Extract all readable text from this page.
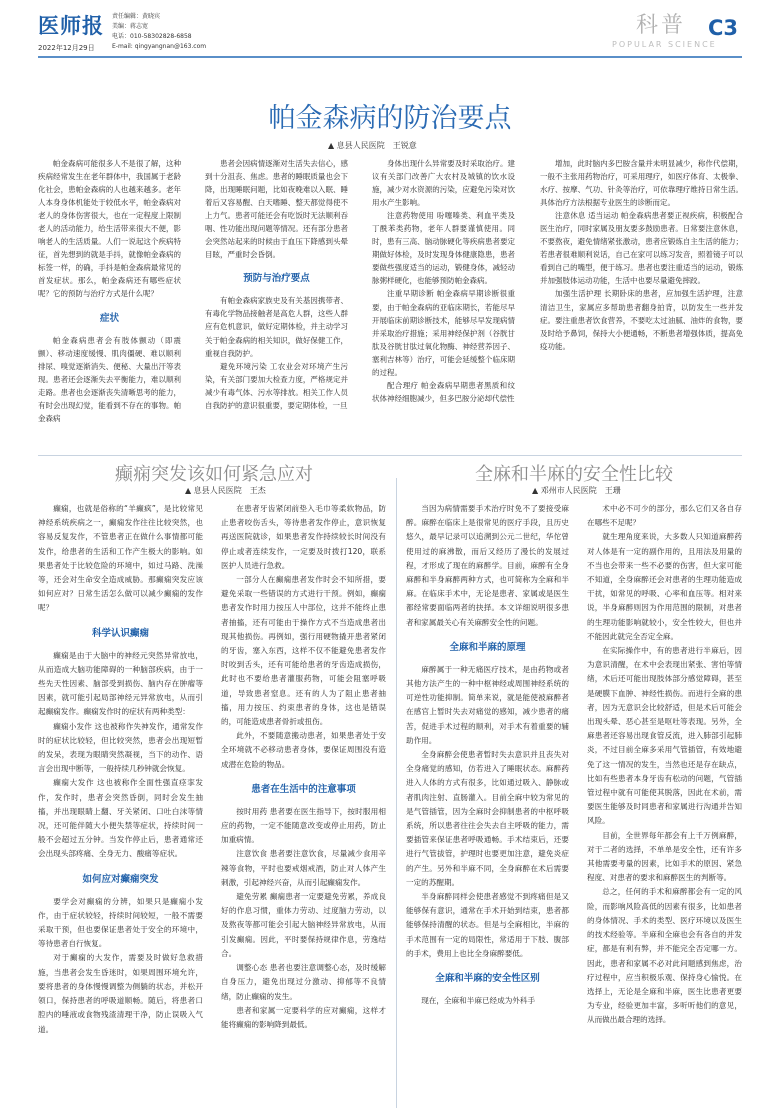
医师报
2022年12月29日
责任编辑：黄晓宾
美编：蒋志宽
电话：010-58302828-6858
E-mail: qingyangnan@163.com
科普
POPULAR SCIENCE
C3
帕金森病的防治要点
▲ 息县人民医院　王锐意

帕金森病可能很多人不是很了解，这种疾病经常发生在老年群体中，我国属于老龄化社会，患帕金森病的人也越来越多。老年人本身身体机能处于较低水平，帕金森病对老人的身体伤害很大，也在一定程度上限制老人的活动能力，给生活带来很大不便，影响老人的生活质量。人们一说起这个疾病特征，首先想到的就是手抖，就像帕金森病的标签一样，的确，手抖是帕金森病最常见的首发症状。那么，帕金森病还有哪些症状呢？它的预防与治疗方式是什么呢？

症状

帕金森病患者会有肢体颤动（即震颤）、移动速度缓慢、肌肉僵硬、难以顺利排尿、嗅觉逐渐消失、便秘、大量出汗等表现。患者还会逐渐失去平衡能力，难以顺利走路。患者也会逐渐丧失清晰思考的能力，有时会出现幻觉，能看到不存在的事物。帕金森病

患者会因病情逐渐对生活失去信心，感到十分沮丧、焦虑。患者的睡眠质量也会下降，出现睡眠问题，比如夜晚难以入眠、睡着后又容易醒、白天嗜睡、整天都觉得使不上力气。患者可能还会有吃饭时无法顺利吞咽、性功能出现问题等情况。还有部分患者会突然站起来的时候由于血压下降感到头晕目眩，严重时会昏倒。

预防与治疗要点

有帕金森病家族史及有关基因携带者、有毒化学物品接触者是高危人群，这些人群应有危机意识，做好定期体检，并主动学习关于帕金森病的相关知识，做好保健工作，重视自我防护。

避免环境污染 工农业会对环境产生污染，有关部门要加大检查力度，严格规定并减少有毒气体、污水等排放。相关工作人员自我防护的意识很重要，要定期体检，一旦

身体出现什么异常要及时采取治疗。建议有关部门改善广大农村及城镇的饮水设施，减少对水资源的污染，应避免污染对饮用水产生影响。

注意药物使用 吩噻嗪类、利血平类及丁酰苯类药物，老年人群要谨慎使用。同时，患有三高、脑动脉硬化等疾病患者要定期做好体检，及时发现身体健康隐患，患者要做些强度适当的运动，锻健身体，减轻动脉粥样硬化，也能够预防帕金森病。

注重早期诊断 帕金森病早期诊断很重要，由于帕金森病的亚临床期长，若能尽早开展临床前期诊断技术，能够尽早发现病情并采取治疗措施；采用神经保护剂（谷胱甘肽及谷胱甘肽过氧化物酶、神经营养因子、塞利吉林等）治疗，可能会延缓整个临床期的过程。

配合理疗 帕金森病早期患者黑质和纹状体神经细胞减少，但多巴胺分泌却代偿性

增加，此时脑内多巴胺含量并未明显减少，称作代偿期，一般不主张用药物治疗，可采用理疗，如医疗体育、太极拳、水疗、按摩、气功、针灸等治疗，可依靠理疗维持日常生活。具体治疗方法根据专业医生的诊断而定。

注意休息 适当运动 帕金森病患者要正视疾病，积极配合医生治疗，同时家属及朋友要多鼓励患者。日常要注意休息，不要熬夜，避免情绪紧张激动，患者应锻炼自主生活的能力；若患者很难顺利说话，自己在家可以练习发音，照着镜子可以看到自己的嘴型，便于练习。患者也要注重适当的运动，锻炼并加强肢体运动功能，生活中也要尽量避免摔跤。

加强生活护理 长期卧床的患者，应加强生活护理，注意清洁卫生，家属应多帮助患者翻身拍背，以防发生一些并发症。要注重患者饮食营养，不要吃太过油腻、油炸的食物，要及时给予鼻饲，保持大小便通畅，不断患者增强体质，提高免疫功能。

癫痫突发该如何紧急应对
▲ 息县人民医院　王杰

癫痫，也就是俗称的“羊癫疯”，是比较常见神经系统疾病之一，癫痫发作往往比较突然，也容易反复发作，不管患者正在做什么事情都可能发作，给患者的生活和工作产生极大的影响。如果患者处于比较危险的环境中，如过马路、洗澡等，还会对生命安全造成威胁。那癫痫突发应该如何应对？日常生活怎么做可以减少癫痫的发作呢？

科学认识癫痫

癫痫是由于大脑中的神经元突然异常放电，从而造成大脑功能障碍的一种脑部疾病，由于一些先天性因素、脑部受到损伤、脑内存在肿瘤等因素，就可能引起局部神经元异常放电，从而引起癫痫发作。癫痫发作时的症状有两种类型：

癫痫小发作 这也被称作失神发作，通常发作时的症状比较轻，但比较突然，患者会出现短暂的发呆，表现为眼睛突然凝视，当下的动作、语言会出现中断等，一般持续几秒钟就会恢复。

癫痫大发作 这也被称作全面性强直痉挛发作，发作时，患者会突然昏倒，同时会发生抽搐，并出现眼睛上翻、牙关紧闭、口吐白沫等情况，还可能伴随大小便失禁等症状，持续时间一般不会超过五分钟。当发作停止后，患者通常还会出现头部疼痛、全身无力、酸痛等症状。

如何应对癫痫突发

要学会对癫痫的分辨，如果只是癫痫小发作，由于症状较轻，持续时间较短，一般不需要采取干预，但也要保证患者处于安全的环境中，等待患者自行恢复。

对于癫痫的大发作，需要及时做好急救措施，当患者会发生昏迷时，如果周围环境允许，要将患者的身体慢慢调整为侧躺的状态，并松开领口，保持患者的呼吸道顺畅。随后，将患者口腔内的唾液或食物残渣清理干净，防止误吸入气道。

在患者牙齿紧闭前垫入毛巾等柔软物品，防止患者咬伤舌头，等待患者发作停止，意识恢复再送医院就诊，如果患者发作持续较长时间没有停止或者连续发作，一定要及时拨打120，联系医护人员进行急救。

一部分人在癫痫患者发作时会不知所措，要避免采取一些错误的方式进行干预。例如，癫痫患者发作时用力按压人中部位，这并不能终止患者抽搐，还有可能由于操作方式不当造成患者出现其他损伤。再例如，强行用硬物撬开患者紧闭的牙齿，塞入东西，这样不仅不能避免患者发作时咬到舌头，还有可能给患者的牙齿造成损伤，此时也不要给患者灌服药物，可能会阻塞呼吸道，导致患者窒息。还有的人为了阻止患者抽搐，用力按压、约束患者的身体，这也是错误的，可能造成患者骨折或扭伤。

此外，不要随意搬动患者，如果患者处于安全环境就不必移动患者身体，要保证周围没有造成潜在危险的物品。

患者在生活中的注意事项

按时用药 患者要在医生指导下，按时服用相应的药物，一定不能随意改变或停止用药，防止加重病情。

注意饮食 患者要注意饮食，尽量减少食用辛辣等食物，平时也要戒烟戒酒，防止对人体产生刺激，引起神经兴奋，从而引起癫痫发作。

避免劳累 癫痫患者一定要避免劳累，养成良好的作息习惯，重体力劳动、过度脑力劳动，以及熬夜等都可能会引起大脑神经异常放电，从而引发癫痫。因此，平时要保持规律作息，劳逸结合。

调整心态 患者也要注意调整心态，及时缓解自身压力，避免出现过分激动、抑郁等不良情绪，防止癫痫的发生。

患者和家属一定要科学的应对癫痫，这样才能将癫痫的影响降到最低。

全麻和半麻的安全性比较
▲ 邓州市人民医院　王珊

当因为病情需要手术治疗时免不了要接受麻醉。麻醉在临床上是很常见的医疗手段，且历史悠久，最早记录可以追溯到公元二世纪，华佗曾使用过的麻沸散，而后又经历了漫长的发展过程，才形成了现在的麻醉学。目前，麻醉有全身麻醉和半身麻醉两种方式，也可简称为全麻和半麻。在临床手术中，无论是患者、家属或是医生都经常要面临两者的抉择。本文详细说明很多患者和家属最关心有关麻醉安全性的问题。

全麻和半麻的原理

麻醉属于一种无痛医疗技术，是由药物或者其他方法产生的一种中枢神经或周围神经系统的可逆性功能抑制。简单来说，就是能使被麻醉者在感官上暂时失去对痛觉的感知，减少患者的痛苦，促进手术过程的顺利，对手术有着重要的辅助作用。

全身麻醉会使患者暂时失去意识并且丧失对全身痛觉的感知，仿若进入了睡眠状态。麻醉药进入人体的方式有很多，比如通过吸入、静脉或者肌肉注射、直肠灌入。目前全麻中较为常见的是气管插管，因为全麻时会抑制患者的中枢呼吸系统，所以患者往往会失去自主呼吸的能力，需要插管来保证患者呼吸通畅。手术结束后，还要进行气管拔管，护理时也要更加注意，避免炎症的产生。另外和半麻不同，全身麻醉在术后需要一定的苏醒期。

半身麻醉同样会使患者感觉不到疼痛但是又能够保有意识，通常在手术开始到结束，患者都能够保持清醒的状态。但是与全麻相比，半麻的手术范围有一定的局限性，常适用于下肢、腹部的手术，费用上也比全身麻醉要低。

全麻和半麻的安全性区别

现在，全麻和半麻已经成为外科手

术中必不可少的部分，那么它们又各自存在哪些不足呢？

就生理角度来说，大多数人只知道麻醉药对人体是有一定的副作用的，且用法及用量的不当也会带来一些不必要的伤害，但大家可能不知道，全身麻醉还会对患者的生理功能造成干扰，如常见的呼吸、心率和血压等。相对来说，半身麻醉则因为作用范围的限制，对患者的生理功能影响就较小，安全性较大，但也并不能因此就完全否定全麻。

在实际操作中，有的患者进行半麻后，因为意识清醒，在术中会表现出紧张、害怕等情绪，术后还可能出现肢体部分感觉障碍，甚至是硬膜下血肿、神经性损伤。而进行全麻的患者，因为无意识会比较舒适，但是术后可能会出现头晕、恶心甚至是呕吐等表现。另外，全麻患者还容易出现食管反流，进入肺部引起肺炎，不过目前全麻多采用气管插管，有效地避免了这一情况的发生，当然也还是存在缺点，比如有些患者本身牙齿有松动的问题，气管插管过程中就有可能使其脱落，因此在术前，需要医生能够及时同患者和家属进行沟通并告知风险。

目前，全世界每年都会有上千万例麻醉，对于二者的选择，不单单是安全性，还有许多其他需要考量的因素，比如手术的原因、紧急程度、对患者的要求和麻醉医生的判断等。

总之，任何的手术和麻醉都会有一定的风险，而影响风险高低的因素有很多，比如患者的身体情况、手术的类型、医疗环境以及医生的技术经验等。半麻和全麻也会有各自的并发症，都是有利有弊，并不能完全否定哪一方。因此，患者和家属不必对此问题感到焦虑，治疗过程中，应当积极乐观、保持身心愉悦。在选择上，无论是全麻和半麻，医生比患者更要为专业，经验更加丰富，多听听他们的意见，从而做出最合理的选择。
